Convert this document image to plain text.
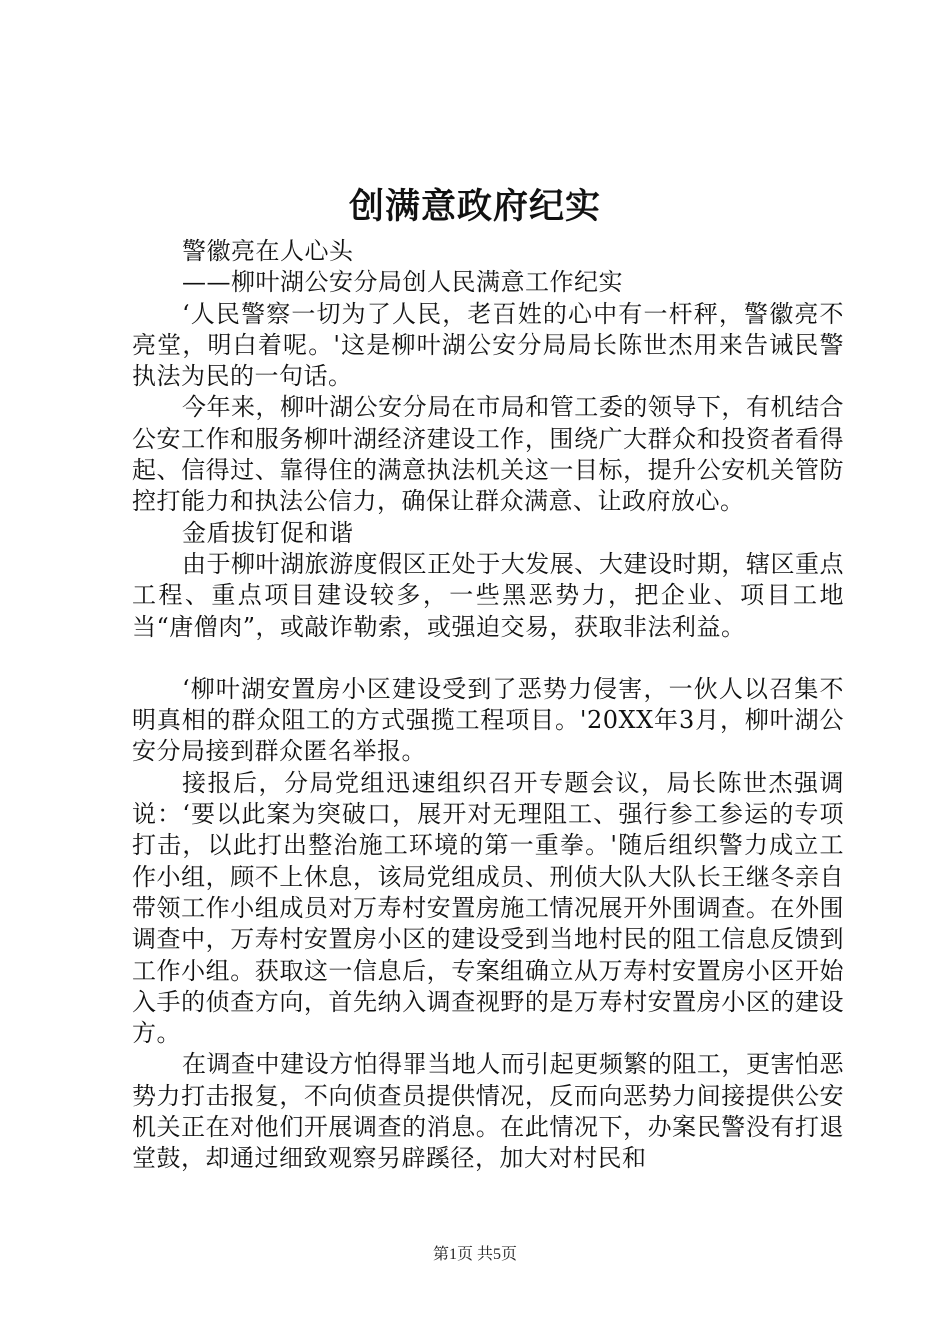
创满意政府纪实

警徽亮在人心头

——柳叶湖公安分局创人民满意工作纪实

‘人民警察一切为了人民，老百姓的心中有一杆秤，警徽亮不亮堂，明白着呢。'这是柳叶湖公安分局局长陈世杰用来告诫民警执法为民的一句话。

今年来，柳叶湖公安分局在市局和管工委的领导下，有机结合公安工作和服务柳叶湖经济建设工作，围绕广大群众和投资者看得起、信得过、靠得住的满意执法机关这一目标，提升公安机关管防控打能力和执法公信力，确保让群众满意、让政府放心。

金盾拔钉促和谐

由于柳叶湖旅游度假区正处于大发展、大建设时期，辖区重点工程、重点项目建设较多，一些黑恶势力，把企业、项目工地当“唐僧肉”，或敲诈勒索，或强迫交易，获取非法利益。

‘柳叶湖安置房小区建设受到了恶势力侵害，一伙人以召集不明真相的群众阻工的方式强揽工程项目。'20XX年3月，柳叶湖公安分局接到群众匿名举报。

接报后，分局党组迅速组织召开专题会议，局长陈世杰强调说：‘要以此案为突破口，展开对无理阻工、强行参工参运的专项打击，以此打出整治施工环境的第一重拳。'随后组织警力成立工作小组，顾不上休息，该局党组成员、刑侦大队大队长王继冬亲自带领工作小组成员对万寿村安置房施工情况展开外围调查。在外围调查中，万寿村安置房小区的建设受到当地村民的阻工信息反馈到工作小组。获取这一信息后，专案组确立从万寿村安置房小区开始入手的侦查方向，首先纳入调查视野的是万寿村安置房小区的建设方。

在调查中建设方怕得罪当地人而引起更频繁的阻工，更害怕恶势力打击报复，不向侦查员提供情况，反而向恶势力间接提供公安机关正在对他们开展调查的消息。在此情况下，办案民警没有打退堂鼓，却通过细致观察另辟蹊径，加大对村民和

第1页 共5页
